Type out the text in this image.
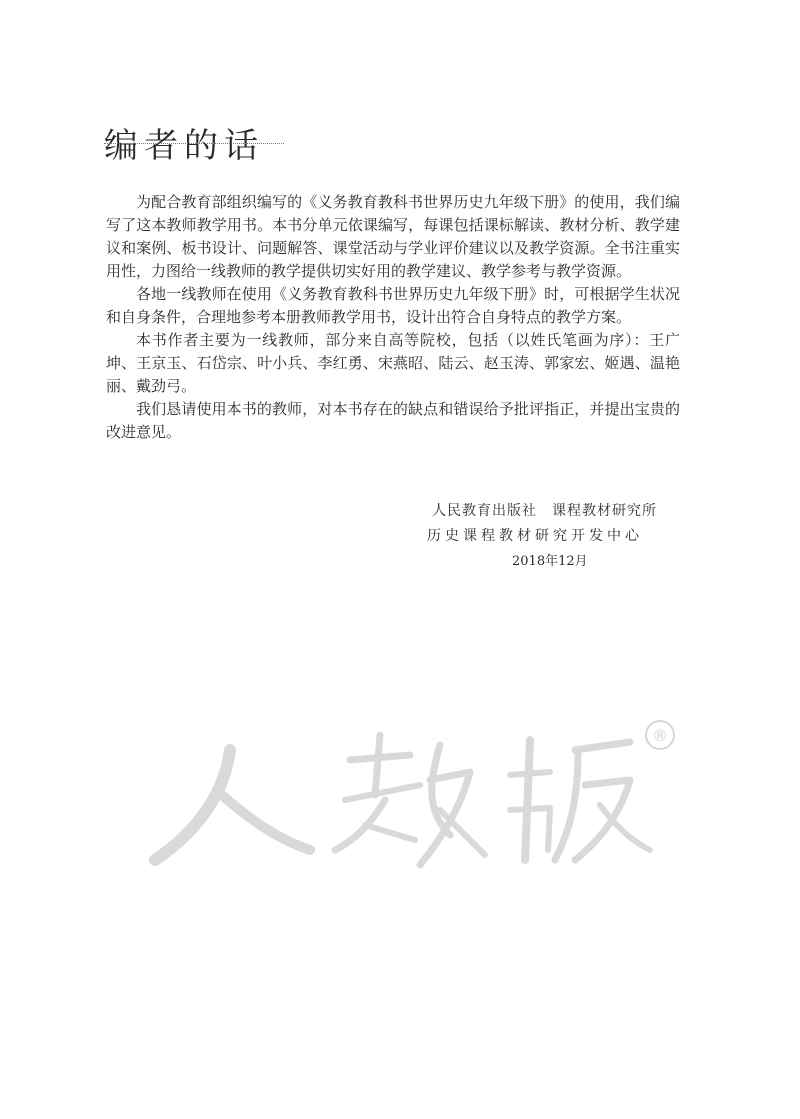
编者的话

为配合教育部组织编写的《义务教育教科书世界历史九年级下册》的使用，我们编写了这本教师教学用书。本书分单元依课编写，每课包括课标解读、教材分析、教学建议和案例、板书设计、问题解答、课堂活动与学业评价建议以及教学资源。全书注重实用性，力图给一线教师的教学提供切实好用的教学建议、教学参考与教学资源。

各地一线教师在使用《义务教育教科书世界历史九年级下册》时，可根据学生状况和自身条件，合理地参考本册教师教学用书，设计出符合自身特点的教学方案。

本书作者主要为一线教师，部分来自高等院校，包括（以姓氏笔画为序）：王广坤、王京玉、石岱宗、叶小兵、李红勇、宋燕昭、陆云、赵玉涛、郭家宏、姬遇、温艳丽、戴劲弓。

我们恳请使用本书的教师，对本书存在的缺点和错误给予批评指正，并提出宝贵的改进意见。

人民教育出版社　课程教材研究所
历史课程教材研究开发中心
2018年12月
®
